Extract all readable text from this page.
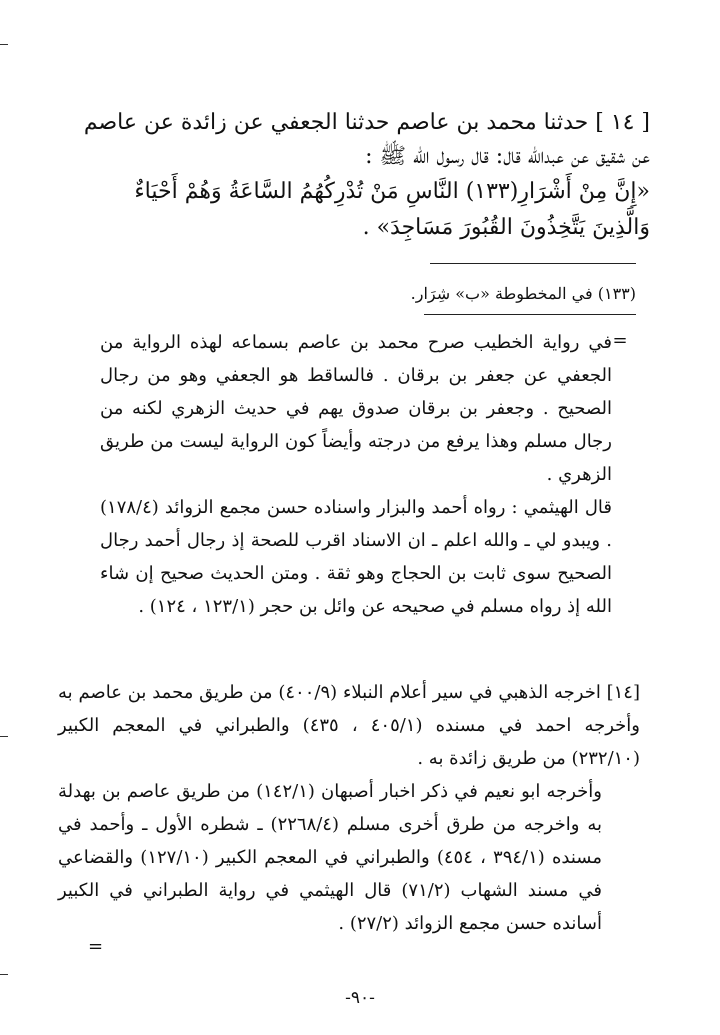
[ ١٤ ] حدثنا محمد بن عاصم حدثنا الجعفي عن زائدة عن عاصم

عن شقيق عن عبدالله قال: قال رسول الله ﷺ :

«إِنَّ مِنْ أَشْرَارِ(١٣٣) النَّاسِ مَنْ تُدْرِكُهُمُ السَّاعَةُ وَهُمْ أَحْيَاءٌ

وَالَّذِينَ يَتَّخِذُونَ القُبُورَ مَسَاجِدَ» .

(١٣٣) في المخطوطة «ب» شِرَار.
=

في رواية الخطيب صرح محمد بن عاصم بسماعه لهذه الرواية من الجعفي عن جعفر بن برقان . فالساقط هو الجعفي وهو من رجال الصحيح . وجعفر بن برقان صدوق يهم في حديث الزهري لكنه من رجال مسلم وهذا يرفع من درجته وأيضاً كون الرواية ليست من طريق الزهري .

قال الهيثمي : رواه أحمد والبزار واسناده حسن مجمع الزوائد (١٧٨/٤) . ويبدو لي ـ والله اعلم ـ ان الاسناد اقرب للصحة إذ رجال أحمد رجال الصحيح سوى ثابت بن الحجاج وهو ثقة . ومتن الحديث صحيح إن شاء الله إذ رواه مسلم في صحيحه عن وائل بن حجر (١٢٣/١ ، ١٢٤) .

[١٤] اخرجه الذهبي في سير أعلام النبلاء (٤٠٠/٩) من طريق محمد بن عاصم به وأخرجه احمد في مسنده (٤٠٥/١ ، ٤٣٥) والطبراني في المعجم الكبير (٢٣٢/١٠) من طريق زائدة به .

وأخرجه ابو نعيم في ذكر اخبار أصبهان (١٤٢/١) من طريق عاصم بن بهدلة به واخرجه من طرق أخرى مسلم (٢٢٦٨/٤) ـ شطره الأول ـ وأحمد في مسنده (٣٩٤/١ ، ٤٥٤) والطبراني في المعجم الكبير (١٢٧/١٠) والقضاعي في مسند الشهاب (٧١/٢) قال الهيثمي في رواية الطبراني في الكبير أسانده حسن مجمع الزوائد (٢٧/٢) .

=
-٩٠-
